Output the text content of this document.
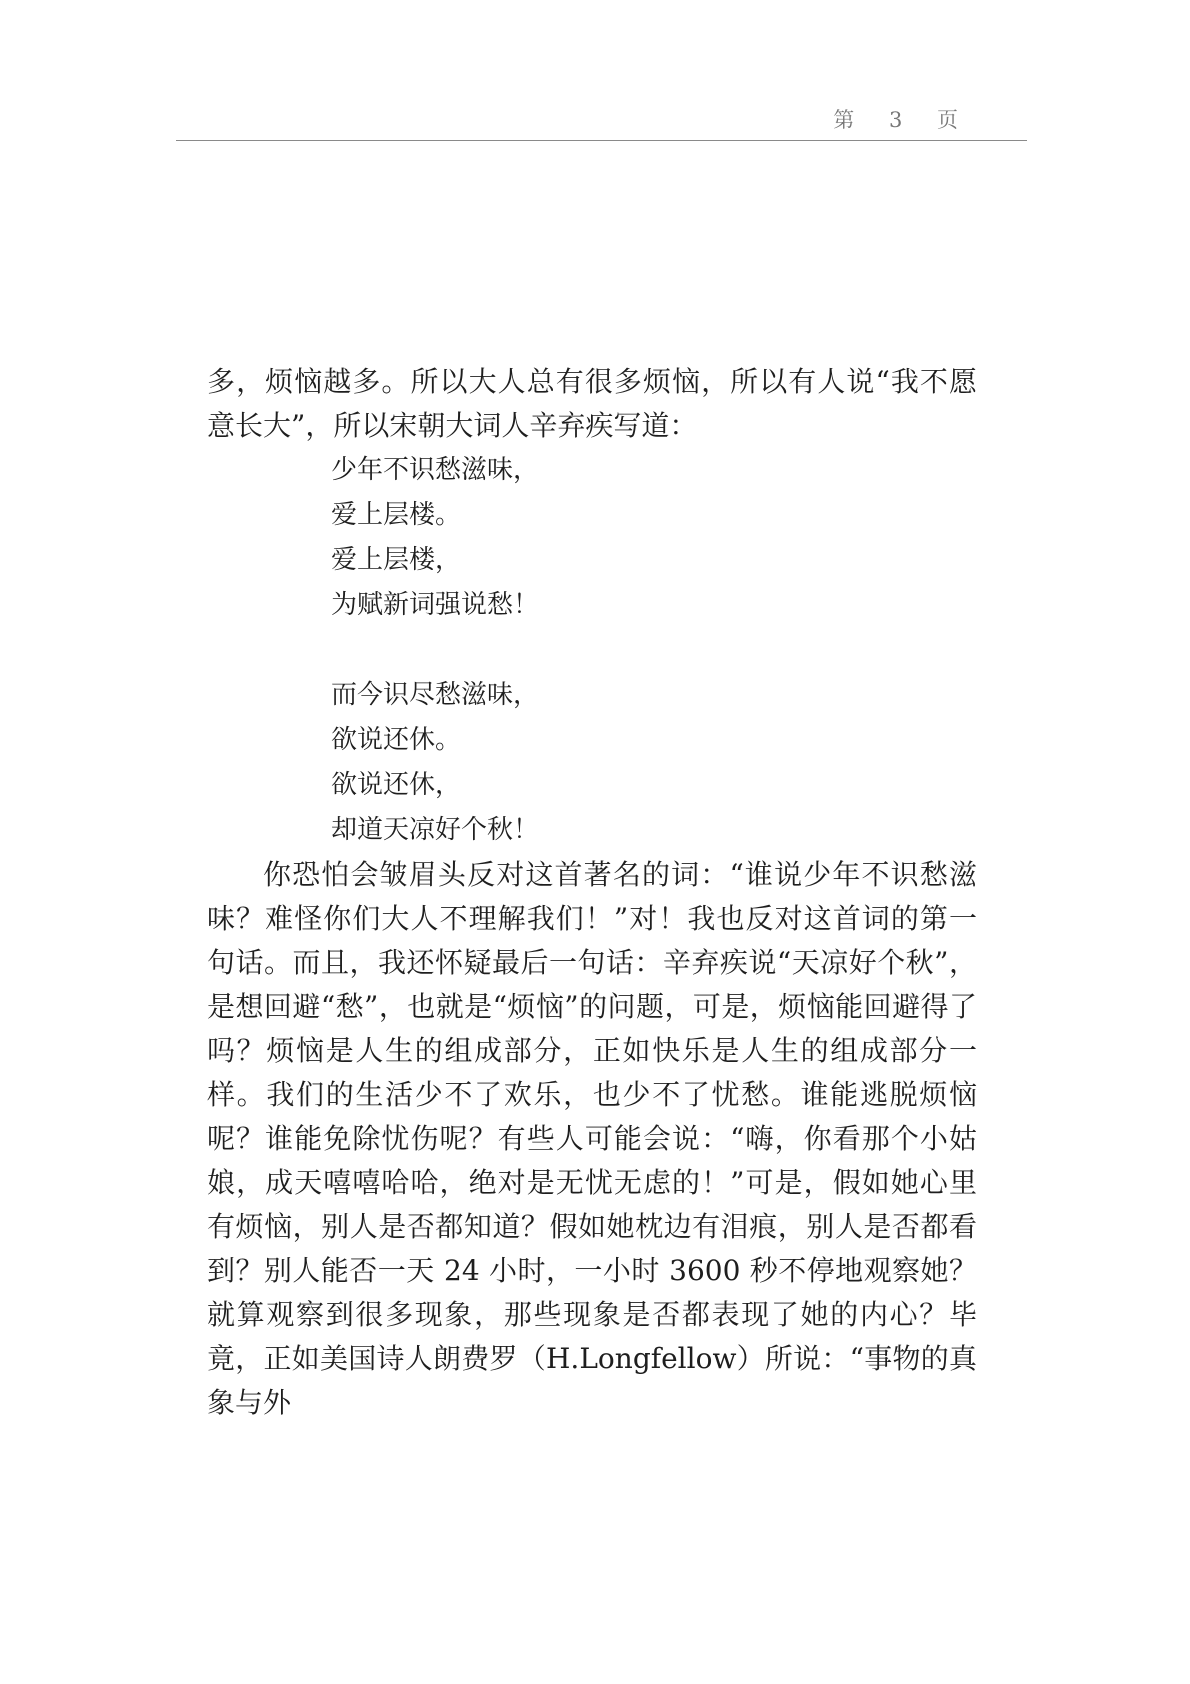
第 3 页

多，烦恼越多。所以大人总有很多烦恼，所以有人说“我不愿意长大”，所以宋朝大词人辛弃疾写道：

少年不识愁滋味，
爱上层楼。
爱上层楼，
为赋新词强说愁！
而今识尽愁滋味，
欲说还休。
欲说还休，
却道天凉好个秋！

你恐怕会皱眉头反对这首著名的词：“谁说少年不识愁滋味？难怪你们大人不理解我们！”对！我也反对这首词的第一句话。而且，我还怀疑最后一句话：辛弃疾说“天凉好个秋”，是想回避“愁”，也就是“烦恼”的问题，可是，烦恼能回避得了吗？烦恼是人生的组成部分，正如快乐是人生的组成部分一样。我们的生活少不了欢乐，也少不了忧愁。谁能逃脱烦恼呢？谁能免除忧伤呢？有些人可能会说：“嗨，你看那个小姑娘，成天嘻嘻哈哈，绝对是无忧无虑的！”可是，假如她心里有烦恼，别人是否都知道？假如她枕边有泪痕，别人是否都看到？别人能否一天 24 小时，一小时 3600 秒不停地观察她？就算观察到很多现象，那些现象是否都表现了她的内心？毕竟，正如美国诗人朗费罗（H.Longfellow）所说：“事物的真象与外
